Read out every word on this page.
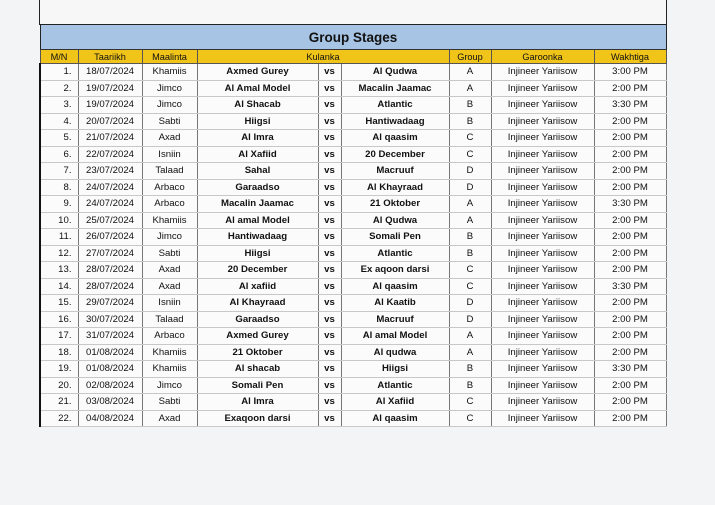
Group Stages								
M/N	Taariikh	Maalinta	Kulanka			Group	Garoonka	Wakhtiga
1.	18/07/2024	Khamiis	Axmed Gurey	vs	Al Qudwa	A	Injineer Yariisow	3:00 PM
2.	19/07/2024	Jimco	Al Amal Model	vs	Macalin Jaamac	A	Injineer Yariisow	2:00 PM
3.	19/07/2024	Jimco	Al Shacab	vs	Atlantic	B	Injineer Yariisow	3:30 PM
4.	20/07/2024	Sabti	Hiigsi	vs	Hantiwadaag	B	Injineer Yariisow	2:00 PM
5.	21/07/2024	Axad	Al Imra	vs	Al qaasim	C	Injineer Yariisow	2:00 PM
6.	22/07/2024	Isniin	Al Xafiid	vs	20 December	C	Injineer Yariisow	2:00 PM
7.	23/07/2024	Talaad	Sahal	vs	Macruuf	D	Injineer Yariisow	2:00 PM
8.	24/07/2024	Arbaco	Garaadso	vs	Al Khayraad	D	Injineer Yariisow	2:00 PM
9.	24/07/2024	Arbaco	Macalin Jaamac	vs	21 Oktober	A	Injineer Yariisow	3:30 PM
10.	25/07/2024	Khamiis	Al amal Model	vs	Al Qudwa	A	Injineer Yariisow	2:00 PM
11.	26/07/2024	Jimco	Hantiwadaag	vs	Somali Pen	B	Injineer Yariisow	2:00 PM
12.	27/07/2024	Sabti	Hiigsi	vs	Atlantic	B	Injineer Yariisow	2:00 PM
13.	28/07/2024	Axad	20 December	vs	Ex aqoon darsi	C	Injineer Yariisow	2:00 PM
14.	28/07/2024	Axad	Al xafiid	vs	Al qaasim	C	Injineer Yariisow	3:30 PM
15.	29/07/2024	Isniin	Al Khayraad	vs	Al Kaatib	D	Injineer Yariisow	2:00 PM
16.	30/07/2024	Talaad	Garaadso	vs	Macruuf	D	Injineer Yariisow	2:00 PM
17.	31/07/2024	Arbaco	Axmed Gurey	vs	Al amal Model	A	Injineer Yariisow	2:00 PM
18.	01/08/2024	Khamiis	21 Oktober	vs	Al qudwa	A	Injineer Yariisow	2:00 PM
19.	01/08/2024	Khamiis	Al shacab	vs	Hiigsi	B	Injineer Yariisow	3:30 PM
20.	02/08/2024	Jimco	Somali Pen	vs	Atlantic	B	Injineer Yariisow	2:00 PM
21.	03/08/2024	Sabti	Al Imra	vs	Al Xafiid	C	Injineer Yariisow	2:00 PM
22.	04/08/2024	Axad	Exaqoon darsi	vs	Al qaasim	C	Injineer Yariisow	2:00 PM
